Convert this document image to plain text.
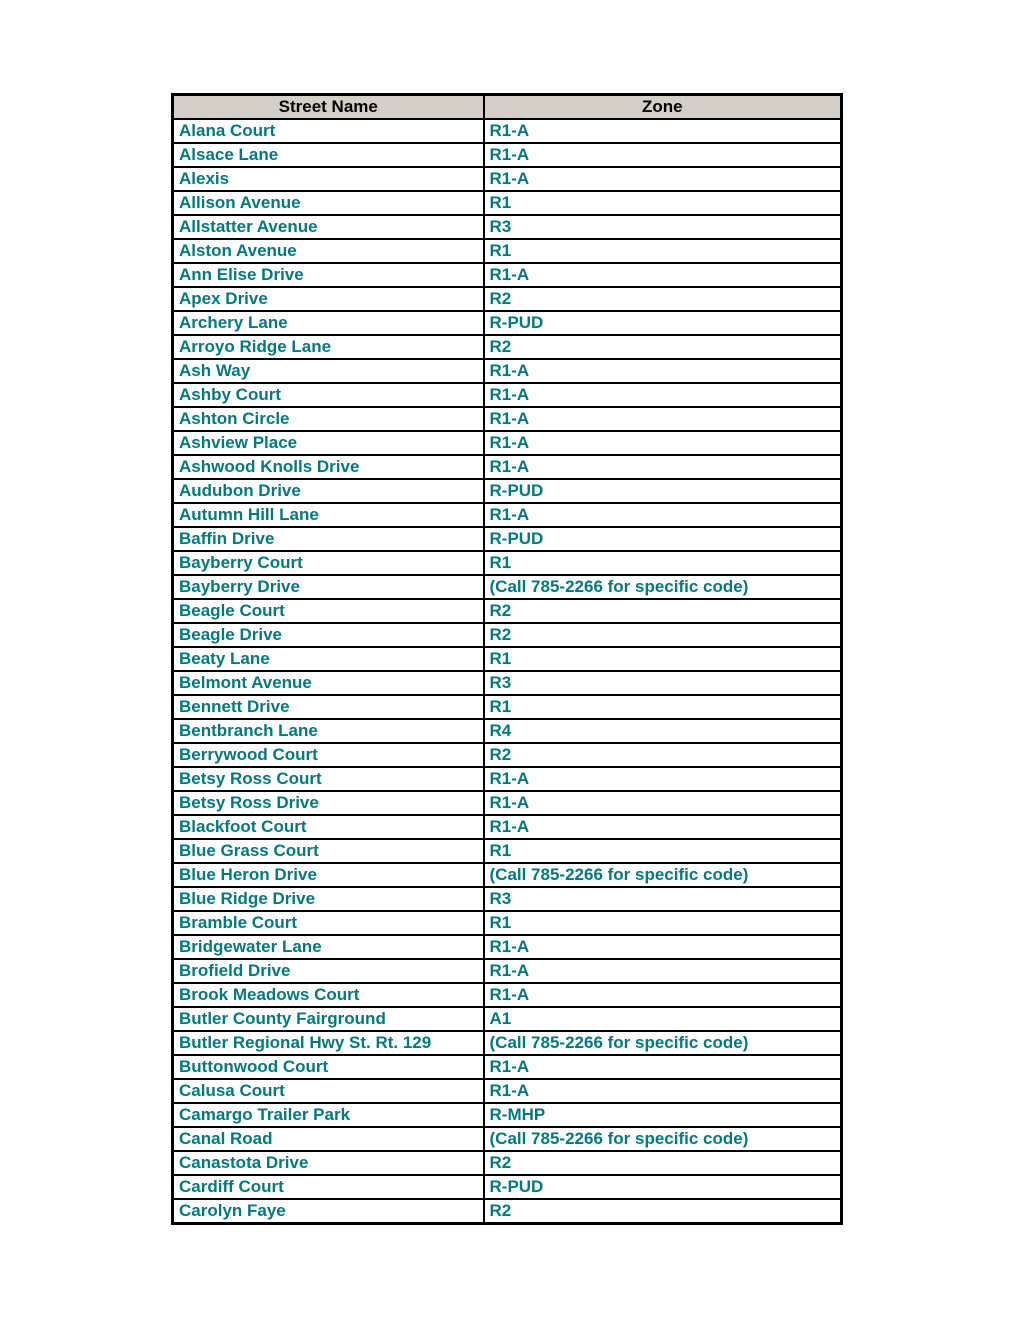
Street Name	Zone
Alana Court	R1-A
Alsace Lane	R1-A
Alexis	R1-A
Allison Avenue	R1
Allstatter Avenue	R3
Alston Avenue	R1
Ann Elise Drive	R1-A
Apex Drive	R2
Archery Lane	R-PUD
Arroyo Ridge Lane	R2
Ash Way	R1-A
Ashby Court	R1-A
Ashton Circle	R1-A
Ashview Place	R1-A
Ashwood Knolls Drive	R1-A
Audubon Drive	R-PUD
Autumn Hill Lane	R1-A
Baffin Drive	R-PUD
Bayberry Court	R1
Bayberry Drive	(Call 785-2266 for specific code)
Beagle Court	R2
Beagle Drive	R2
Beaty Lane	R1
Belmont Avenue	R3
Bennett Drive	R1
Bentbranch Lane	R4
Berrywood Court	R2
Betsy Ross Court	R1-A
Betsy Ross Drive	R1-A
Blackfoot Court	R1-A
Blue Grass Court	R1
Blue Heron Drive	(Call 785-2266 for specific code)
Blue Ridge Drive	R3
Bramble Court	R1
Bridgewater Lane	R1-A
Brofield Drive	R1-A
Brook Meadows Court	R1-A
Butler County Fairground	A1
Butler Regional Hwy St. Rt. 129	(Call 785-2266 for specific code)
Buttonwood Court	R1-A
Calusa Court	R1-A
Camargo Trailer Park	R-MHP
Canal Road	(Call 785-2266 for specific code)
Canastota Drive	R2
Cardiff Court	R-PUD
Carolyn Faye	R2
